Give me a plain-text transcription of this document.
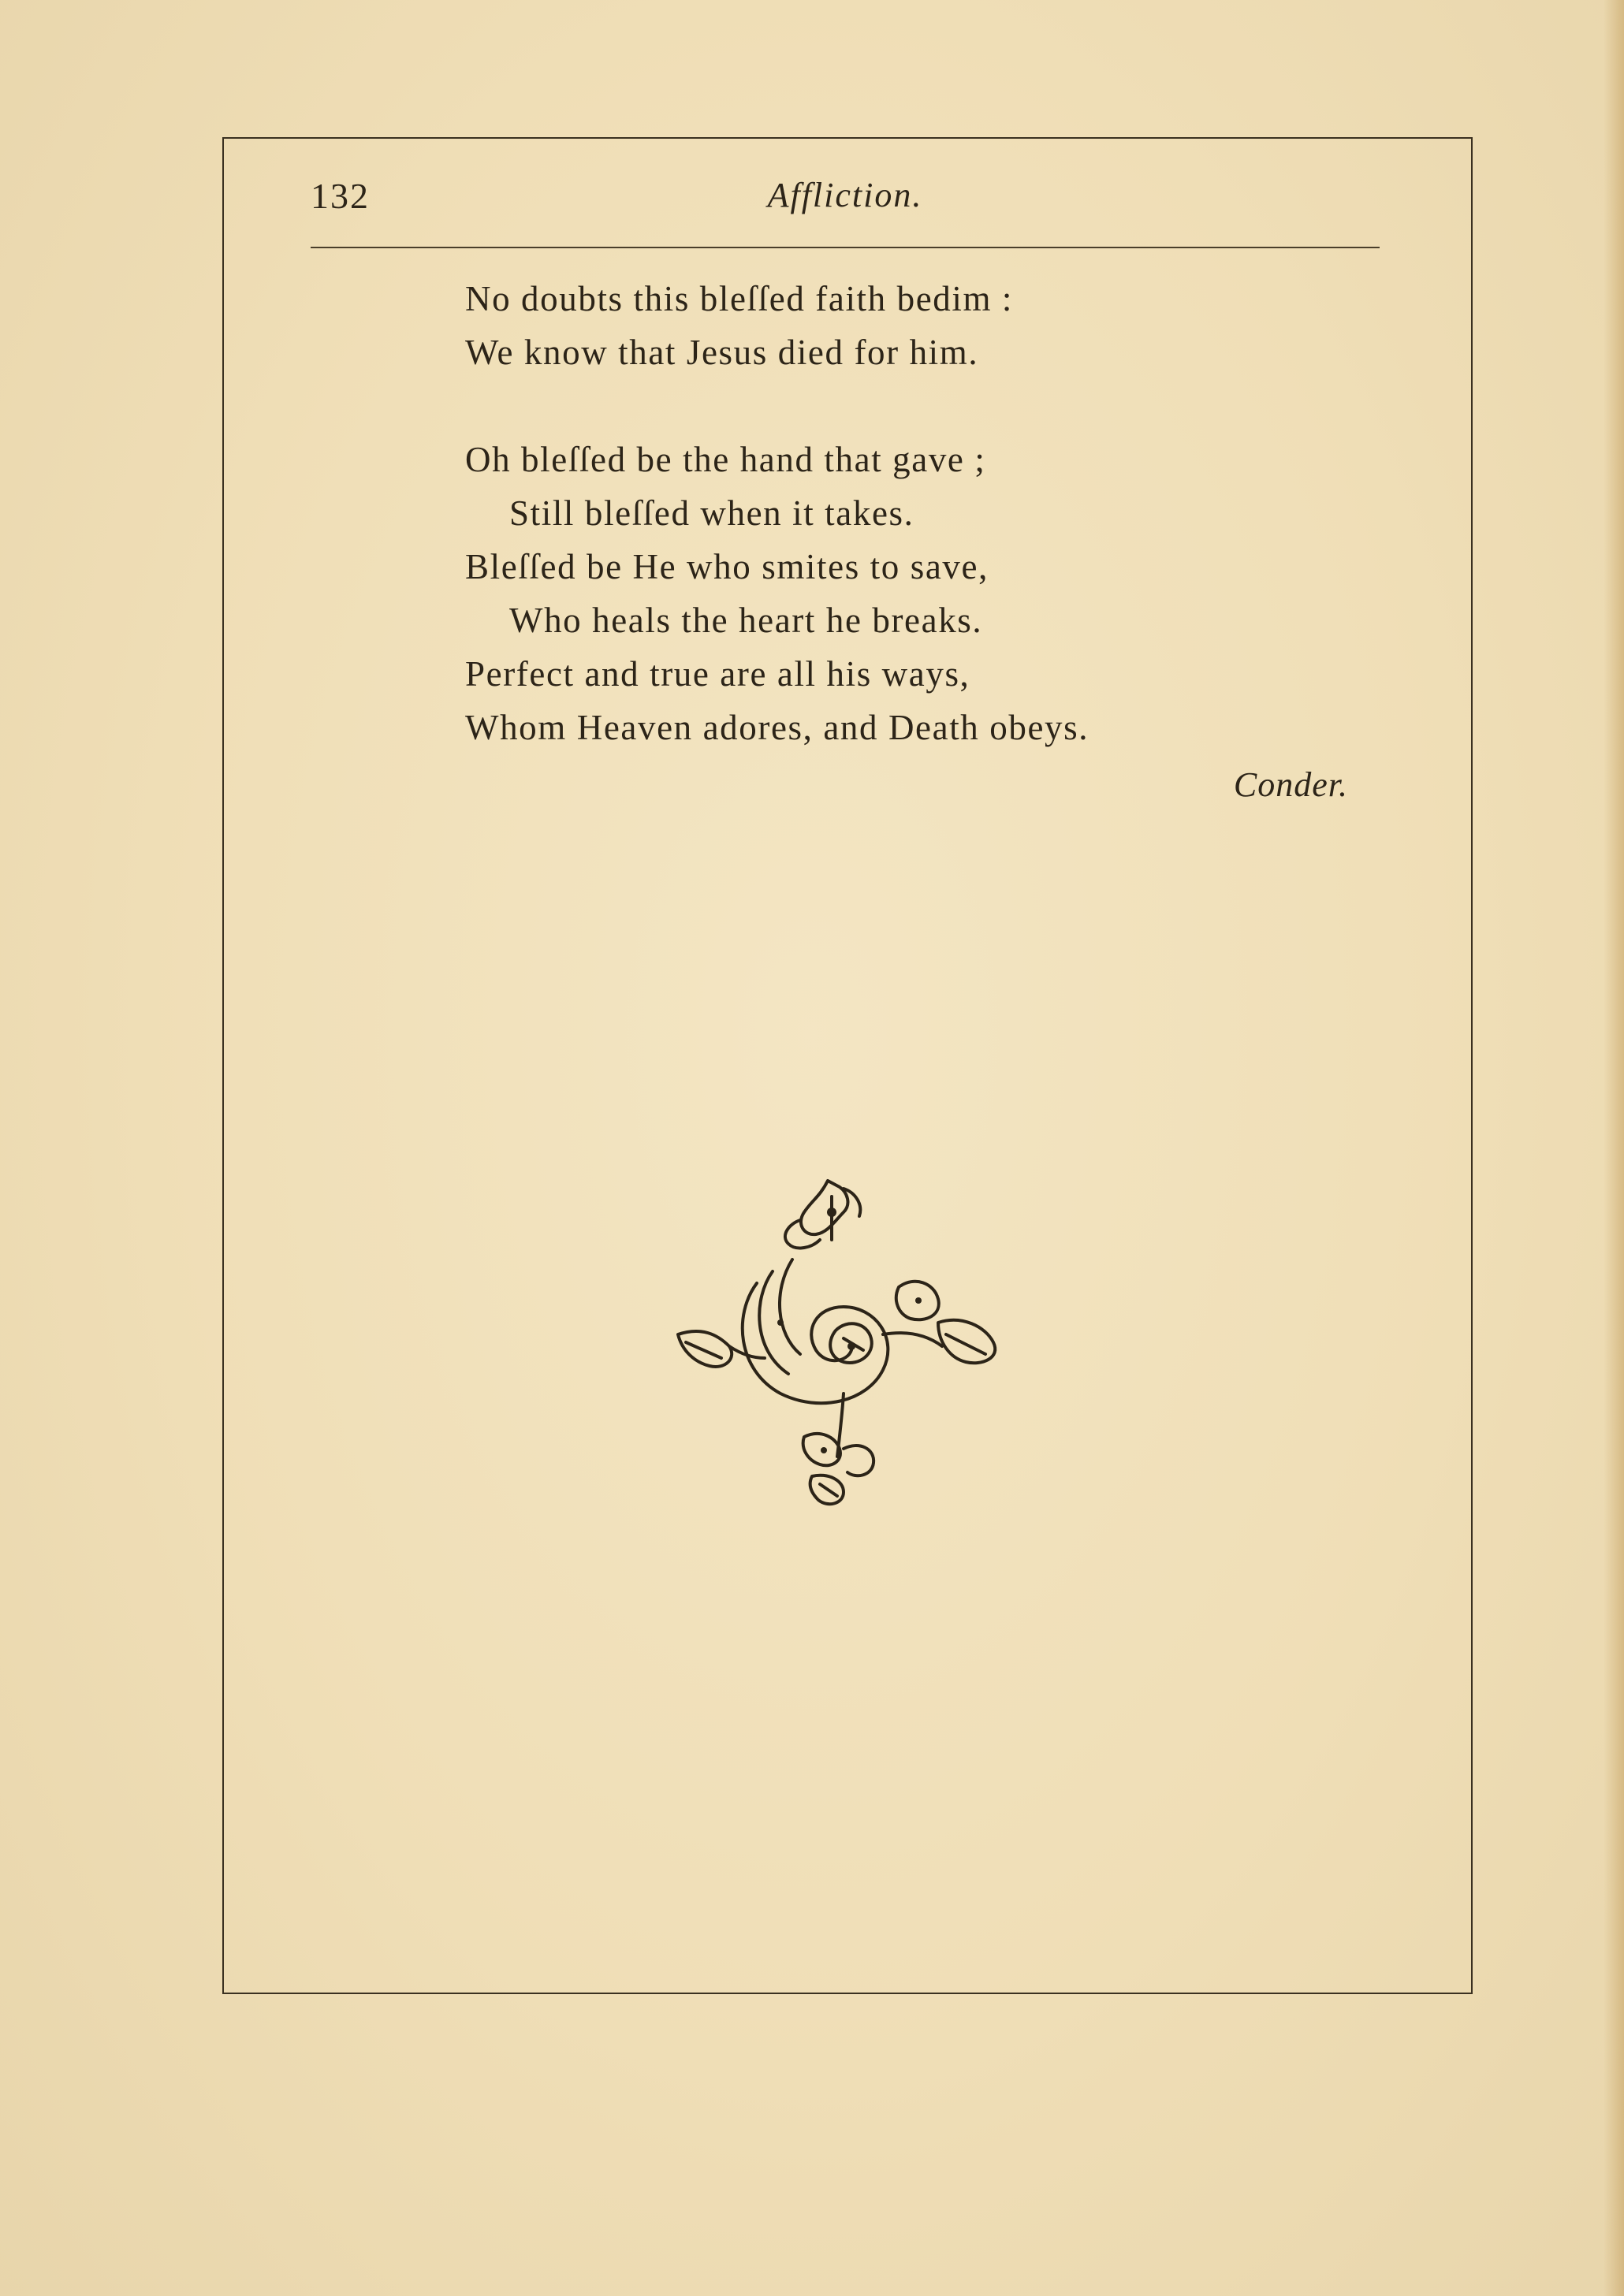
132	Affliction.
No doubts this bleſſed faith bedim :
We know that Jesus died for him.
Oh bleſſed be the hand that gave ;
Still bleſſed when it takes.
Bleſſed be He who smites to save,
Who heals the heart he breaks.
Perfect and true are all his ways,
Whom Heaven adores, and Death obeys.
Conder.
